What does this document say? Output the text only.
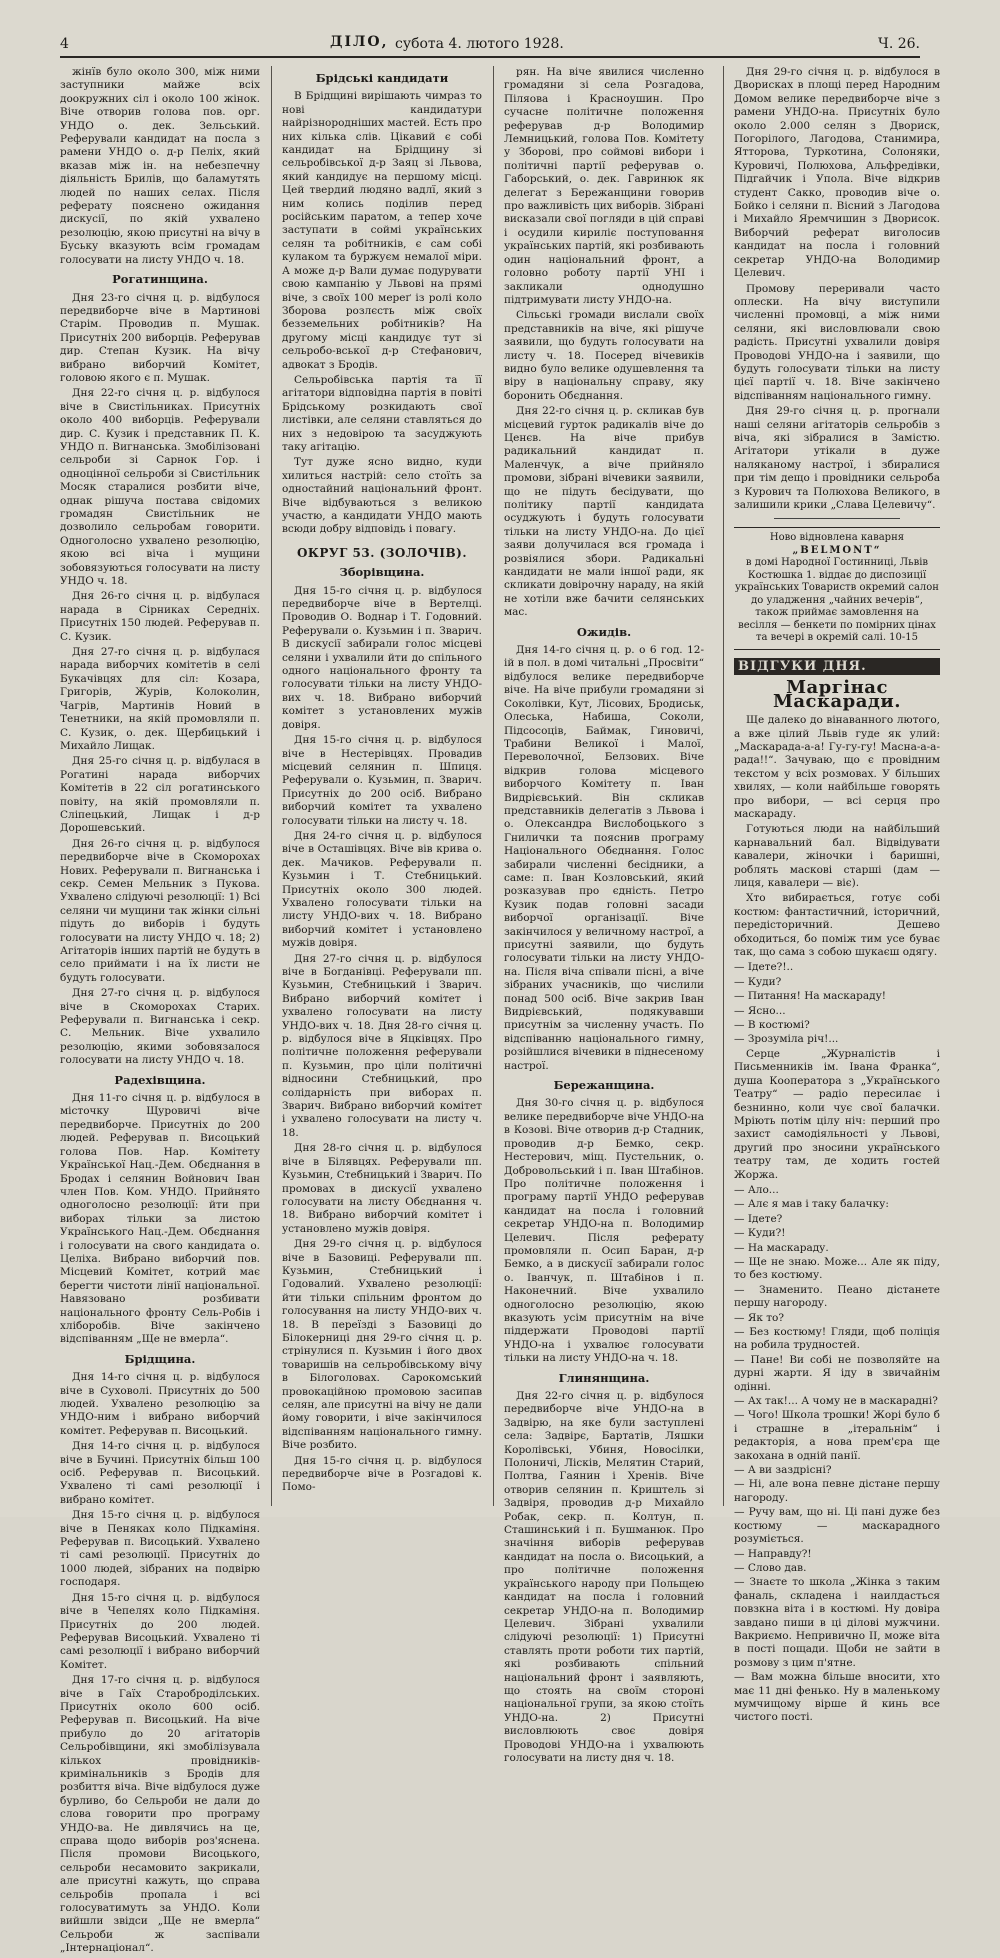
4	ДІЛО, субота 4. лютого 1928.	Ч. 26.

жінїв було около 300, між ними заступники майже всіх доокружних сіл і около 100 жінок. Віче отворив голова пов. орг. УНДО о. дек. Зельський. Реферували кандидат на посла з рамени УНДО о. д-р Пеліх, який вказав між ін. на небезпечну діяльність Брилів, що баламутять людей по наших селах. Після реферату пояснено ожидання дискусії, по якій ухвалено резолюцію, якою присутні на вічу в Буську вказують всім громадам голосувати на листу УНДО ч. 18.

Рогатинщина.

Дня 23-го січня ц. р. відбулося передвиборче віче в Мартинові Старім. Проводив п. Мушак. Присутніх 200 виборців. Реферував дир. Степан Кузик. На вічу вибрано виборчий Комітет, головою якого є п. Мушак.

Дня 22-го січня ц. р. відбулося віче в Свистільниках. Присутніх около 400 виборців. Реферували дир. С. Кузик і представник П. К. УНДО п. Вигнанська. Змобілізовані сельроби зі Сарнок Гор. і одноцінної сельроби зі Свистільник Мосяк старалися розбити віче, однак рішуча постава свідомих громадян Свистільник не дозволило сельробам говорити. Одноголосно ухвалено резолюцію, якою всі віча і мущини зобовязуються голосувати на листу УНДО ч. 18.

Дня 26-го січня ц. р. відбулася нарада в Сірниках Середніх. Присутніх 150 людей. Реферував п. С. Кузик.

Дня 27-го січня ц. р. відбулася нарада виборчих комітетів в селі Букачівцях для сіл: Козара, Григорів, Журів, Колоколин, Чагрів, Мартинів Новий в Тенетники, на якій промовляли п. С. Кузик, о. дек. Щербицький і Михайло Лищак.

Дня 25-го січня ц. р. відбулася в Рогатині нарада виборчих Комітетів в 22 сіл рогатинського повіту, на якій промовляли п. Сліпецький, Лищак і д-р Дорошевський.

Дня 26-го січня ц. р. відбулося передвиборче віче в Скоморохах Нових. Реферували п. Вигнанська і секр. Семен Мельник з Пукова. Ухвалено слідуючі резолюції: 1) Всі селяни чи мущини так жінки сільні підуть до виборів і будуть голосувати на листу УНДО ч. 18; 2) Агітаторів інших партій не будуть в село приймати і на їх листи не будуть голосувати.

Дня 27-го січня ц. р. відбулося віче в Скоморохах Старих. Реферували п. Вигнанська і секр. С. Мельник. Віче ухвалило резолюцію, якими зобовязалося голосувати на листу УНДО ч. 18.

Радехівщина.

Дня 11-го січня ц. р. відбулося в місточку Щуровичі віче передвиборче. Присутніх до 200 людей. Реферував п. Висоцький голова Пов. Нар. Комітету Української Нац.-Дем. Обєднання в Бродах і селянин Войнович Іван член Пов. Ком. УНДО. Прийнято одноголосно резолюції: йти при виборах тільки за листою Українського Нац.-Дем. Обєднання і голосувати на свого кандидата о. Целіха. Вибрано виборчий пов. Місцевий Комітет, котрий має берегти чистоти лінії національної. Навязовано розбивати національного фронту Сель-Робів і хліборобів. Віче закінчено відспіванням „Ще не вмерла“.

Брідщина.

Дня 14-го січня ц. р. відбулося віче в Суховолі. Присутніх до 500 людей. Ухвалено резолюцію за УНДО-ним і вибрано виборчий комітет. Реферував п. Висоцький.

Дня 14-го січня ц. р. відбулося віче в Бучині. Присутніх більш 100 осіб. Реферував п. Висоцький. Ухвалено ті самі резолюції і вибрано комітет.

Дня 15-го січня ц. р. відбулося віче в Пеняках коло Підкаміня. Реферував п. Висоцький. Ухвалено ті самі резолюції. Присутніх до 1000 людей, зібраних на подвірю господаря.

Дня 15-го січня ц. р. відбулося віче в Чепелях коло Підкаміня. Присутніх до 200 людей. Реферував Висоцький. Ухвалено ті самі резолюції і вибрано виборчий Комітет.

Дня 17-го січня ц. р. відбулося віче в Гаїх Староброділських. Присутніх около 600 осіб. Реферував п. Висоцький. На віче прибуло до 20 агітаторів Сельробівщини, які змобілізувала кількох провідників-кримінальників з Бродів для розбиття віча. Віче відбулося дуже бурливо, бо Сельроби не дали до слова говорити про програму УНДО-ва. Не дивлячись на це, справа щодо виборів роз'яснена. Після промови Висоцького, сельроби несамовито закрикали, але присутні кажуть, що справа сельробів пропала і всі голосуватимуть за УНДО. Коли вийшли звідси „Ще не вмерла“ Сельроби ж заспівали „Інтернаціонал“.

Брідські кандидати

В Брідщині вирішають чимраз то нові кандидатури найрізнородніших мастей. Есть про них кілька слів. Цікавий є собі кандидат на Брідщину зі сельробівської д-р Заяц зі Львова, який кандидує на першому місці. Цей твердий людяно вадлї, який з ним колись поділив перед російським паратом, а тепер хоче заступати в соймі українських селян та робітників, є сам собі кулаком та буржуєм немалої міри. А може д-р Вали думає подурувати свою кампанію у Львові на прямі віче, з своїх 100 мереґ із ролі коло Зборова розлєсть між своїх безземельних робітників? На другому місці кандидує тут зі сельробо-вської д-р Стефанович, адвокат з Бродів.

Сельробівська партія та її агітатори відповідна партія в повіті Брідському розкидають свої листівки, але селяни ставляться до них з недовірою та засуджують таку агітацію.

Тут дуже ясно видно, куди хилиться настрій: село стоїть за одностайний національний фронт. Віче відбуваються з великою участю, а кандидати УНДО мають всюди добру відповідь і повагу.

ОКРУГ 53. (ЗОЛОЧІВ).
Зборівщина.

Дня 15-го січня ц. р. відбулося передвиборче віче в Вертелці. Проводив О. Воднар і Т. Годовний. Реферували о. Кузьмин і п. Зварич. В дискусії забирали голос місцеві селяни і ухвалили йти до спільного одного національного фронту та голосувати тільки на листу УНДО-вих ч. 18. Вибрано виборчий комітет з установлених мужів довіря.

Дня 15-го січня ц. р. відбулося віче в Нестерівцях. Провадив місцевий селянин п. Шпиця. Реферували о. Кузьмин, п. Зварич. Присутніх до 200 осіб. Вибрано виборчий комітет та ухвалено голосувати тільки на листу ч. 18.

Дня 24-го січня ц. р. відбулося віче в Осташівцях. Віче вів крива о. дек. Мачиков. Реферували п. Кузьмин і Т. Стебницький. Присутніх около 300 людей. Ухвалено голосувати тільки на листу УНДО-вих ч. 18. Вибрано виборчий комітет і установлено мужів довіря.

Дня 27-го січня ц. р. відбулося віче в Богданівці. Реферували пп. Кузьмин, Стебницький і Зварич. Вибрано виборчий комітет і ухвалено голосувати на листу УНДО-вих ч. 18. Дня 28-го січня ц. р. відбулося віче в Яцківцях. Про політичне положення реферували п. Кузьмин, про ціли політичні відносини Стебницький, про солідарність при виборах п. Зварич. Вибрано виборчий комітет і ухвалено голосувати на листу ч. 18.

Дня 28-го січня ц. р. відбулося віче в Білявцях. Реферували пп. Кузьмин, Стебницький і Зварич. По промовах в дискусії ухвалено голосувати на листу Обєднання ч. 18. Вибрано виборчий комітет і установлено мужів довіря.

Дня 29-го січня ц. р. відбулося віче в Базовиці. Реферували пп. Кузьмин, Стебницький і Годовалий. Ухвалено резолюції: йти тільки спільним фронтом до голосування на листу УНДО-вих ч. 18. В переїзді з Базовиці до Білокерниці дня 29-го січня ц. р. стрінулися п. Кузьмин і його двох товаришів на сельробівському вічу в Білоголовах. Сарокомський провокаційною промовою засипав селян, але присутні на вічу не дали йому говорити, і віче закінчилося відспіванням національного гимну. Віче розбито.

Дня 15-го січня ц. р. відбулося передвиборче віче в Розгадові к. Помо-

рян. На віче явилися численно громадяни зі села Розгадова, Піляова і Красноушин. Про сучасне політичне положення реферував д-р Володимир Лемницький, голова Пов. Комітету у Зборові, про соймові вибори і політичні партії реферував о. Габорський, о. дек. Гавринюк як делегат з Бережанщини говорив про важливість цих виборів. Зібрані висказали свої погляди в цій справі і осудили кириліє поступовання українських партій, які розбивають один національний фронт, а головно роботу партії УНІ і закликали однодушно підтримувати листу УНДО-на.

Сільські громади вислали своїх представників на віче, які рішуче заявили, що будуть голосувати на листу ч. 18. Посеред вічевиків видно було велике одушевлення та віру в національну справу, яку боронить Обєднання.

Дня 22-го січня ц. р. скликав був місцевий гурток радикалів віче до Ценєв. На віче прибув радикальний кандидат п. Маленчук, а віче прийняло промови, зібрані вічевики заявили, що не підуть бесідувати, що політику партії кандидата осуджують і будуть голосувати тільки на листу УНДО-на. До цієї заяви долучилася вся громада і розвіялися збори. Радикальні кандидати не мали іншої ради, як скликати довірочну нараду, на якій не хотіли вже бачити селянських мас.

Ожидів.

Дня 14-го січня ц. р. о 6 год. 12-ій в пол. в домі читальні „Просвіти“ відбулося велике передвиборче віче. На віче прибули громадяни зі Соколівки, Кут, Лісових, Бродиськ, Олеська, Набиша, Соколи, Підсосоців, Баймак, Гиновичі, Трабини Великої і Малої, Переволочної, Белзових. Віче відкрив голова місцевого виборчого Комітету п. Іван Видрієвський. Він скликав представників делегатів з Львова і о. Олександра Вислобоцького з Гнилички та пояснив програму Національного Обєднання. Голос забирали численні бесідники, а саме: п. Іван Козловський, який розказував про єдність. Петро Кузик подав головні засади виборчої організації. Віче закінчилося у величному настрої, а присутні заявили, що будуть голосувати тільки на листу УНДО-на. Після віча співали пісні, а віче зібраних учасників, що числили понад 500 осіб. Віче закрив Іван Видрієвський, подякувавши присутнім за численну участь. По відспіванню національного гимну, розійшлися вічевики в піднесеному настрої.

Бережанщина.

Дня 30-го січня ц. р. відбулося велике передвиборче віче УНДО-на в Козові. Віче отворив д-р Стадник, проводив д-р Бемко, секр. Нестерович, міщ. Пустельник, о. Добровольський і п. Іван Штабінов. Про політичне положення і програму партії УНДО реферував кандидат на посла і головний секретар УНДО-на п. Володимир Целевич. Після реферату промовляли п. Осип Баран, д-р Бемко, а в дискусії забирали голос о. Іванчук, п. Штабінов і п. Наконечний. Віче ухвалило одноголосно резолюцію, якою вказують усім присутнім на віче піддержати Проводові партії УНДО-на і ухвалює голосувати тільки на листу УНДО-на ч. 18.

Глинянщина.

Дня 22-го січня ц. р. відбулося передвиборче віче УНДО-на в Задвірю, на яке були заступлені села: Задвірє, Бартатів, Ляшки Королівські, Убиня, Новосілки, Полоничі, Лісків, Мелятин Старий, Полтва, Гаянин і Хренів. Віче отворив селянин п. Криштель зі Задвіря, проводив д-р Михайло Робак, секр. п. Колтун, п. Сташинський і п. Бушманюк. Про значіння виборів реферував кандидат на посла о. Висоцький, а про політичне положення українського народу при Польщею кандидат на посла і головний секретар УНДО-на п. Володимир Целевич. Зібрані ухвалили слідуючі резолюції: 1) Присутні ставлять проти роботи тих партій, які розбивають спільний національний фронт і заявляють, що стоять на своїм стороні національної групи, за якою стоїть УНДО-на. 2) Присутні висловлюють своє довіря Проводові УНДО-на і ухвалюють голосувати на листу дня ч. 18.

Дня 29-го січня ц. р. відбулося в Дворисках в площі перед Народним Домом велике передвиборче віче з рамени УНДО-на. Присутніх було около 2.000 селян з Двориск, Погорілого, Лагодова, Станимира, Ятторова, Туркотина, Солоняки, Куровичі, Полюхова, Альфредівки, Підгайчик і Упола. Віче відкрив студент Сакко, проводив віче о. Бойко і селяни п. Вісний з Лагодова і Михайло Яремчишин з Дворисок. Виборчий реферат виголосив кандидат на посла і головний секретар УНДО-на Володимир Целевич.

Промову переривали часто оплески. На вічу виступили численні промовці, а між ними селяни, які висловлювали свою радість. Присутні ухвалили довіря Проводові УНДО-на і заявили, що будуть голосувати тільки на листу цієї партії ч. 18. Віче закінчено відспіванням національного гимну.

Дня 29-го січня ц. р. прогнали наші селяни агітаторів сельробів з віча, які зібралися в Замістю. Агітатори утікали в дуже наляканому настрої, і збиралися при тім дещо і провідники сельроба з Курович та Полюхова Великого, в залишили крики „Слава Целевичу“.

Ново відновлена каварня „BELMONT“
в домі Народної Гостинниці, Львів Костюшка 1. віддає до диспозиції українських Товариств окремий салон до уладження „чайних вечерів“, також приймає замовлення на весілля — бенкети по помірних цінах та вечері в окремій салі. 10-15
ВІДГУКИ ДНЯ.
Маргінас Маскаради.

Ще далеко до вінаванного лютого, а вже цілий Львів гуде як улий: „Маскарада-а-а! Гу-гу-гу! Масна-а-а-рада!!“. Зачуваю, що є провідним текстом у всіх розмовах. У більших хвилях, — коли найбільше говорять про вибори, — всі серця про маскараду.

Готуються люди на найбільший карнавальний бал. Відвідувати кавалери, жіночки і баришні, роблять маскові старші (дам — лиця, кавалери — віє).

Хто вибирається, готує собі костюм: фантастичний, історичний, передісторичний. Дешево обходиться, бо поміж тим усе буває так, що сама з собою шукаєш одягу.

— Ідете?!..

— Куди?

— Питання! На маскараду!

— Ясно...

— В костюмі?

— Зрозуміла річ!...

Серце „Журналістів і Письменників ім. Івана Франка“, душа Кооператора з „Українського Театру“ — радіо пересилає і безнинно, коли чує свої балачки. Мріють потім цілу ніч: перший про захист самодіяльності у Львові, другий про зносини українського театру там, де ходить гостей Жоржа.

— Ало...

— Алє я мав і таку балачку:

— Ідете?

— Куди?!

— На маскараду.

— Ще не знаю. Може... Але як піду, то без костюму.

— Знаменито. Пеано дістанете першу нагороду.

— Як то?

— Без костюму! Гляди, щоб поліція на робила трудностей.

— Пане! Ви собі не позволяйте на дурні жарти. Я іду в звичайнім одінні.

— Ах так!... А чому не в маскарадні?

— Чого! Школа трошки! Жорі було б і страшне в „ітеральнім“ і редакторія, а нова прем'єра ще закохана в одній панії.

— А ви заздрісні?

— Ні, але вона певне дістане першу нагороду.

— Ручу вам, що ні. Ці пані дуже без костюму — маскарадного розуміється.

— Направду?!

— Слово дав.

— Знаєте то школа „Жінка з таким фаналь, складена і наилдасться повзкна віта і в костюмі. Ну довіра завдано пиши в ці ділові мужчини. Вакриємо. Непривично ІІ, може віта в пості пощади. Щоби не зайти в розмову з цим п'ятне.

— Вам можна більше вносити, хто має 11 дні фенько. Ну в маленькому мумчищому вірше й кинь все чистого пості.
